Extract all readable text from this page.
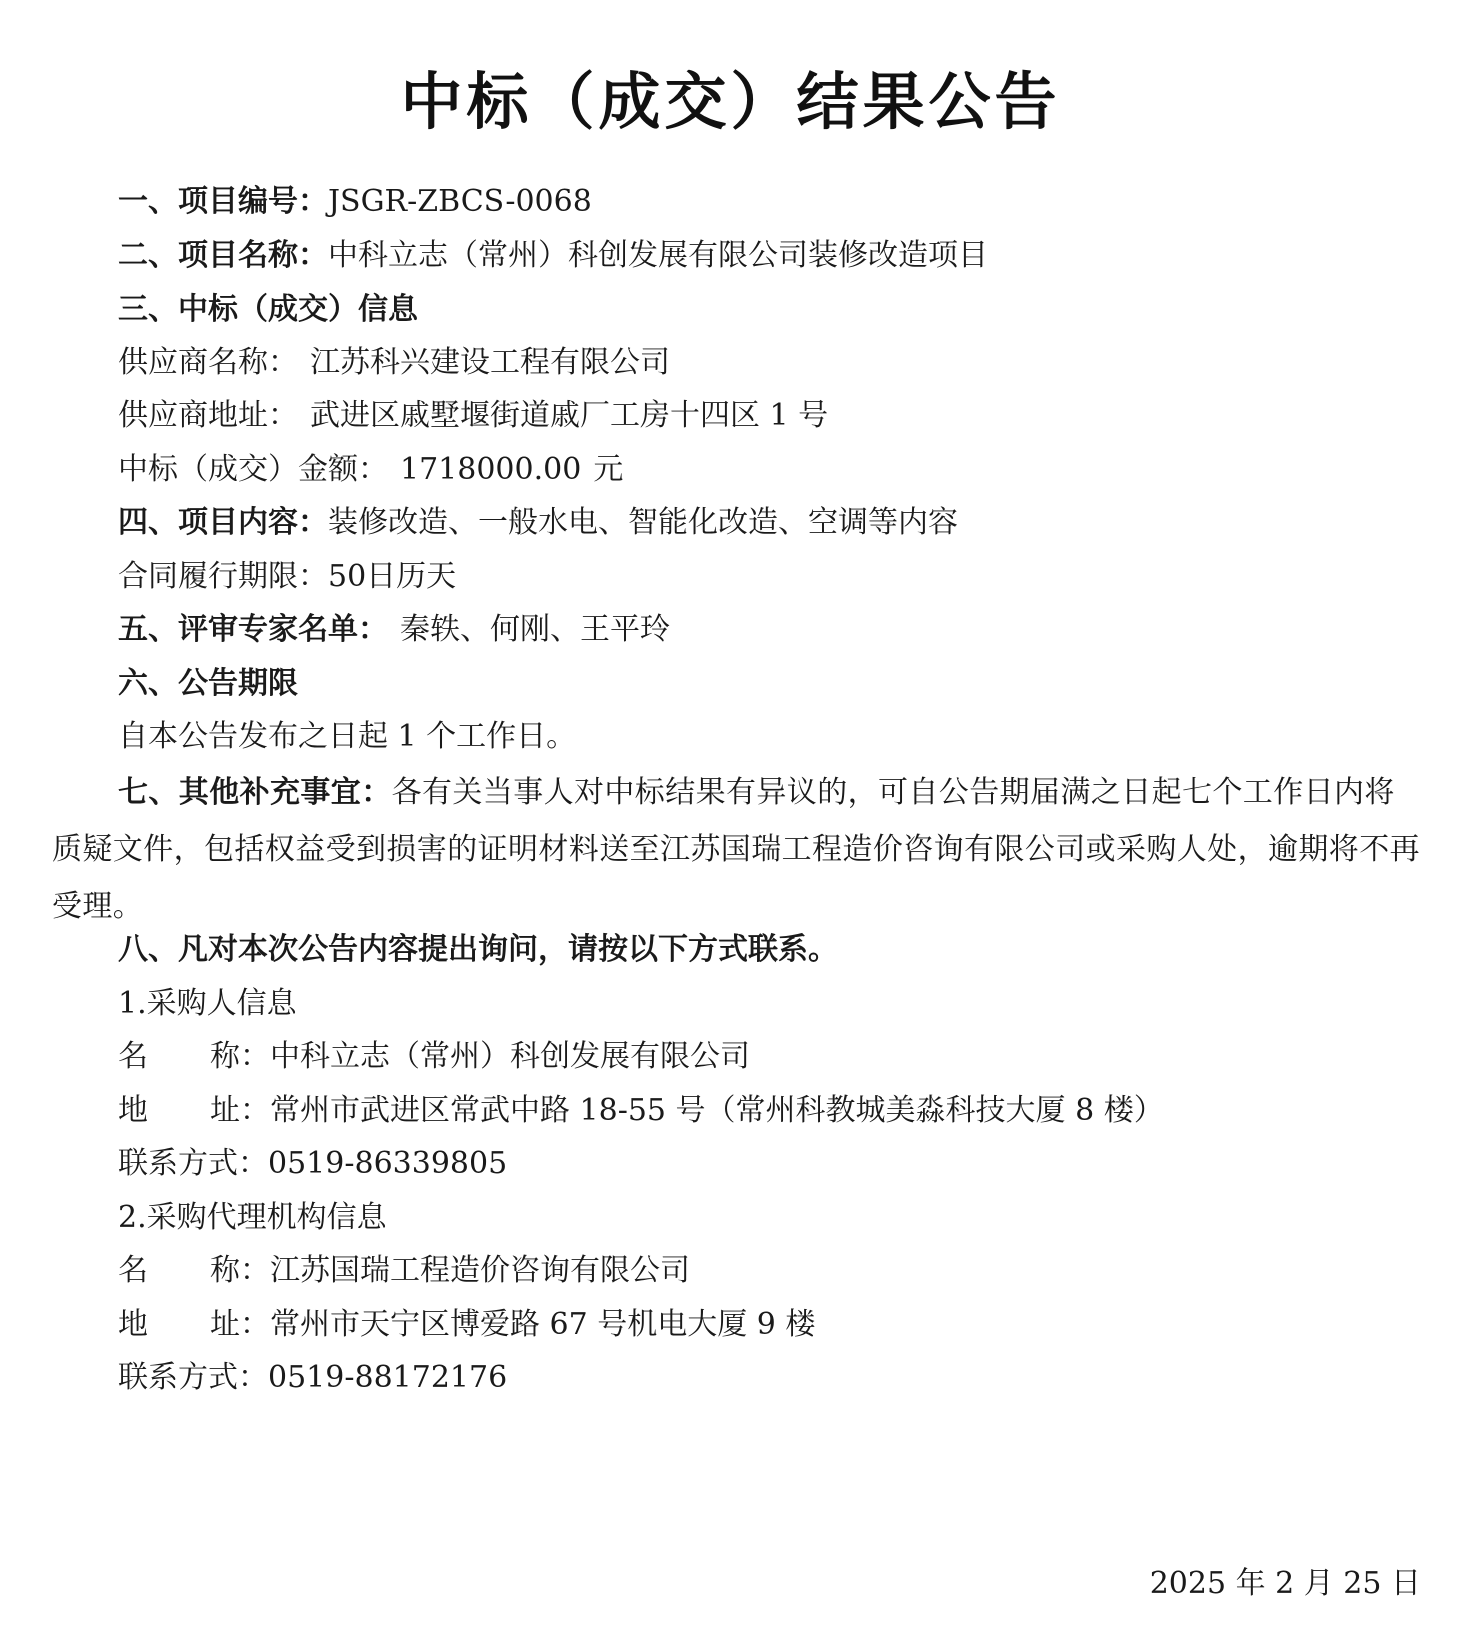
中标（成交）结果公告
一、项目编号：JSGR-ZBCS-0068
二、项目名称：中科立志（常州）科创发展有限公司装修改造项目
三、中标（成交）信息
供应商名称： 江苏科兴建设工程有限公司
供应商地址： 武进区戚墅堰街道戚厂工房十四区 1 号
中标（成交）金额： 1718000.00 元
四、项目内容：装修改造、一般水电、智能化改造、空调等内容
合同履行期限：50日历天
五、评审专家名单： 秦轶、何刚、王平玲
六、公告期限
自本公告发布之日起 1 个工作日。
七、其他补充事宜：各有关当事人对中标结果有异议的，可自公告期届满之日起七个工作日内将质疑文件，包括权益受到损害的证明材料送至江苏国瑞工程造价咨询有限公司或采购人处，逾期将不再受理。
八、凡对本次公告内容提出询问，请按以下方式联系。
1.采购人信息
名 称：中科立志（常州）科创发展有限公司
地 址：常州市武进区常武中路 18-55 号（常州科教城美淼科技大厦 8 楼）
联系方式：0519-86339805
2.采购代理机构信息
名 称：江苏国瑞工程造价咨询有限公司
地 址：常州市天宁区博爱路 67 号机电大厦 9 楼
联系方式：0519-88172176
2025 年 2 月 25 日
